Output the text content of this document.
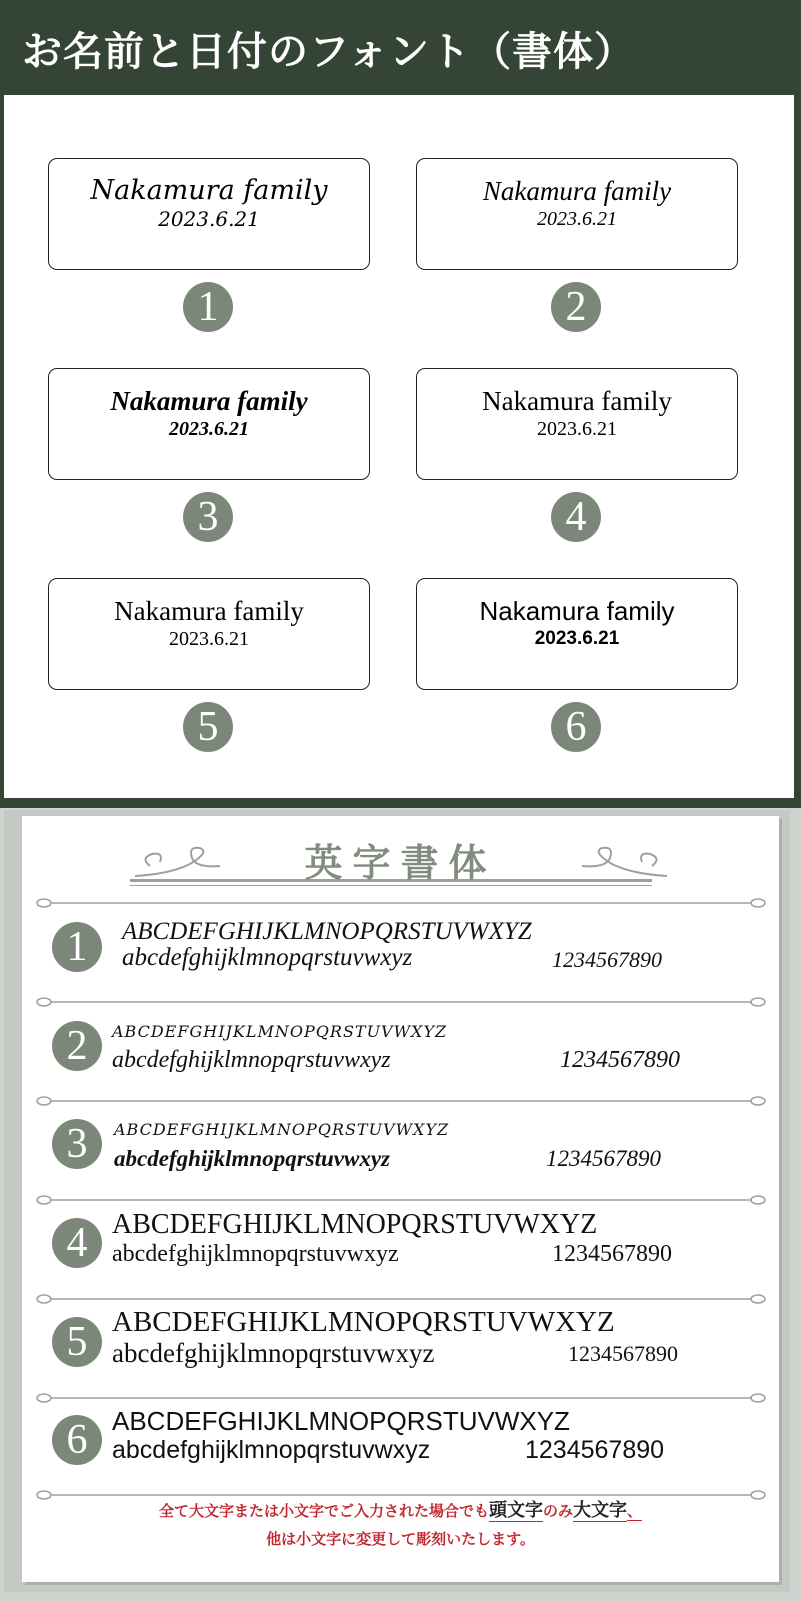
お名前と日付のフォント（書体）
Nakamura family
2023.6.21
1
Nakamura family
2023.6.21
2
Nakamura family
2023.6.21
3
Nakamura family
2023.6.21
4
Nakamura family
2023.6.21
5
Nakamura family
2023.6.21
6
英字書体
1	ABCDEFGHIJKLMNOPQRSTUVWXYZ
abcdefghijklmnopqrstuvwxyz	1234567890
2	ABCDEFGHIJKLMNOPQRSTUVWXYZ
abcdefghijklmnopqrstuvwxyz	1234567890
3	ABCDEFGHIJKLMNOPQRSTUVWXYZ
abcdefghijklmnopqrstuvwxyz	1234567890
4 ABCDEFGHIJKLMNOPQRSTUVWXYZ
abcdefghijklmnopqrstuvwxyz	1234567890
5 ABCDEFGHIJKLMNOPQRSTUVWXYZ
abcdefghijklmnopqrstuvwxyz	1234567890
6 ABCDEFGHIJKLMNOPQRSTUVWXYZ
abcdefghijklmnopqrstuvwxyz	1234567890
全て大文字または小文字でご入力された場合でも頭文字のみ大文字、
他は小文字に変更して彫刻いたします。
